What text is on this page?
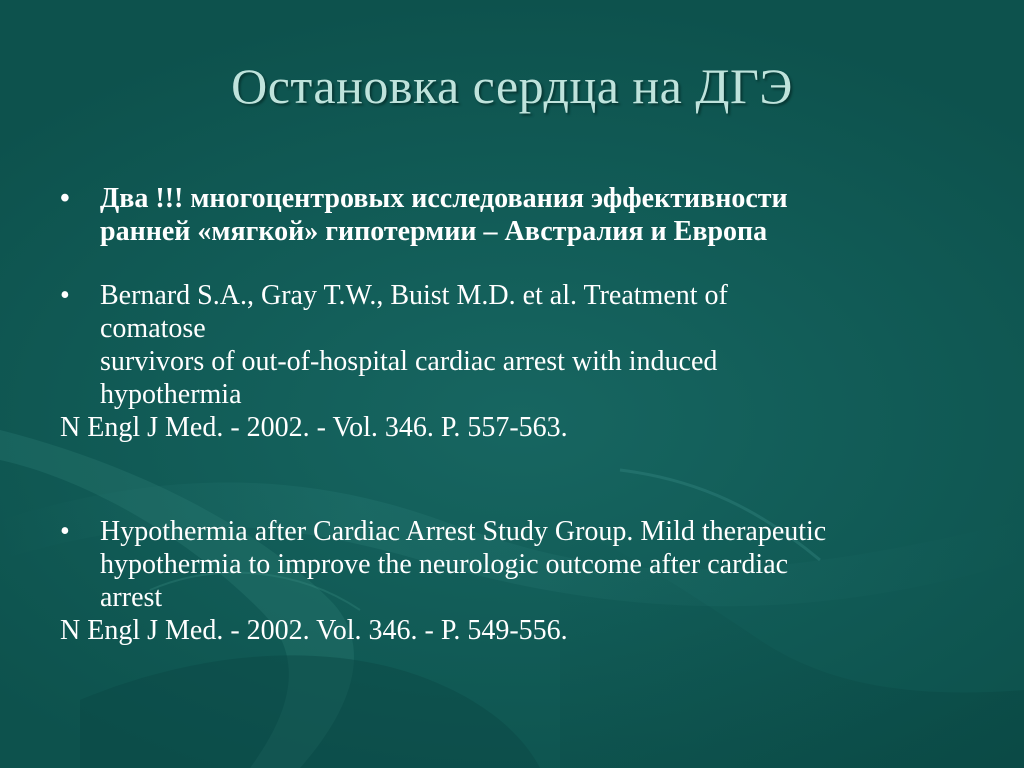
Остановка сердца на ДГЭ
•	Два !!! многоцентровых исследования эффективности
ранней «мягкой» гипотермии – Австралия и Европа
•	Bernard S.A., Gray T.W., Buist M.D. et al. Treatment of
comatose
survivors of out-of-hospital cardiac arrest with induced
hypothermia
N Engl J Med. - 2002. - Vol. 346. P. 557-563.
•	Hypothermia after Cardiac Arrest Study Group. Mild therapeutic
hypothermia to improve the neurologic outcome after cardiac
arrest
N Engl J Med. - 2002. Vol. 346. - P. 549-556.
